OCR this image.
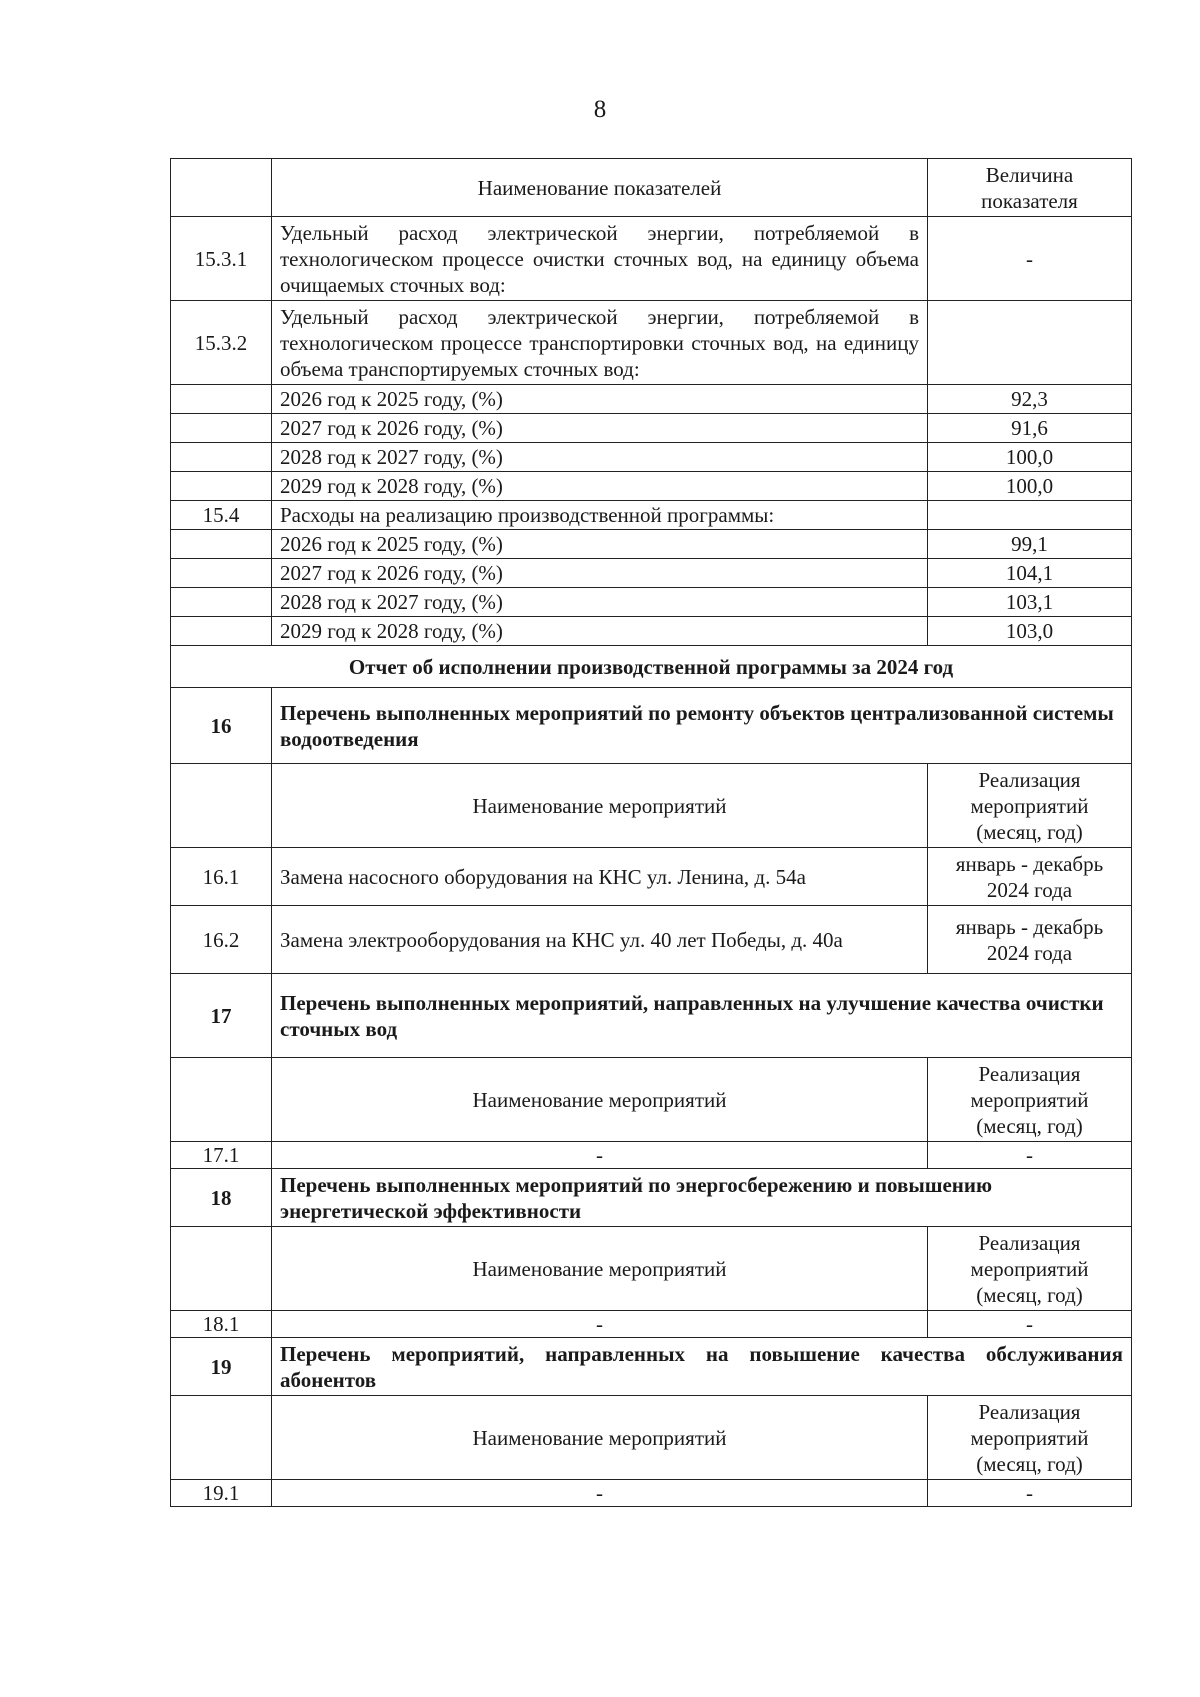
8
	Наименование показателей	Величина показателя
15.3.1	Удельный расход электрической энергии, потребляемой в технологическом процессе очистки сточных вод, на единицу объема очищаемых сточных вод:	-
15.3.2	Удельный расход электрической энергии, потребляемой в технологическом процессе транспортировки сточных вод, на единицу объема транспортируемых сточных вод:	
	2026 год к 2025 году, (%)	92,3
	2027 год к 2026 году, (%)	91,6
	2028 год к 2027 году, (%)	100,0
	2029 год к 2028 году, (%)	100,0
15.4	Расходы на реализацию производственной программы:	
	2026 год к 2025 году, (%)	99,1
	2027 год к 2026 году, (%)	104,1
	2028 год к 2027 году, (%)	103,1
	2029 год к 2028 году, (%)	103,0
Отчет об исполнении производственной программы за 2024 год		
16	Перечень выполненных мероприятий по ремонту объектов централизованной системы водоотведения	
	Наименование мероприятий	Реализация мероприятий (месяц, год)
16.1	Замена насосного оборудования на КНС ул. Ленина, д. 54а	январь - декабрь 2024 года
16.2	Замена электрооборудования на КНС ул. 40 лет Победы, д. 40а	январь - декабрь 2024 года
17	Перечень выполненных мероприятий, направленных на улучшение качества очистки сточных вод	
	Наименование мероприятий	Реализация мероприятий (месяц, год)
17.1	-	-
18	Перечень выполненных мероприятий по энергосбережению и повышению энергетической эффективности	
	Наименование мероприятий	Реализация мероприятий (месяц, год)
18.1	-	-
19	Перечень мероприятий, направленных на повышение качества обслуживания абонентов	
	Наименование мероприятий	Реализация мероприятий (месяц, год)
19.1	-	-
